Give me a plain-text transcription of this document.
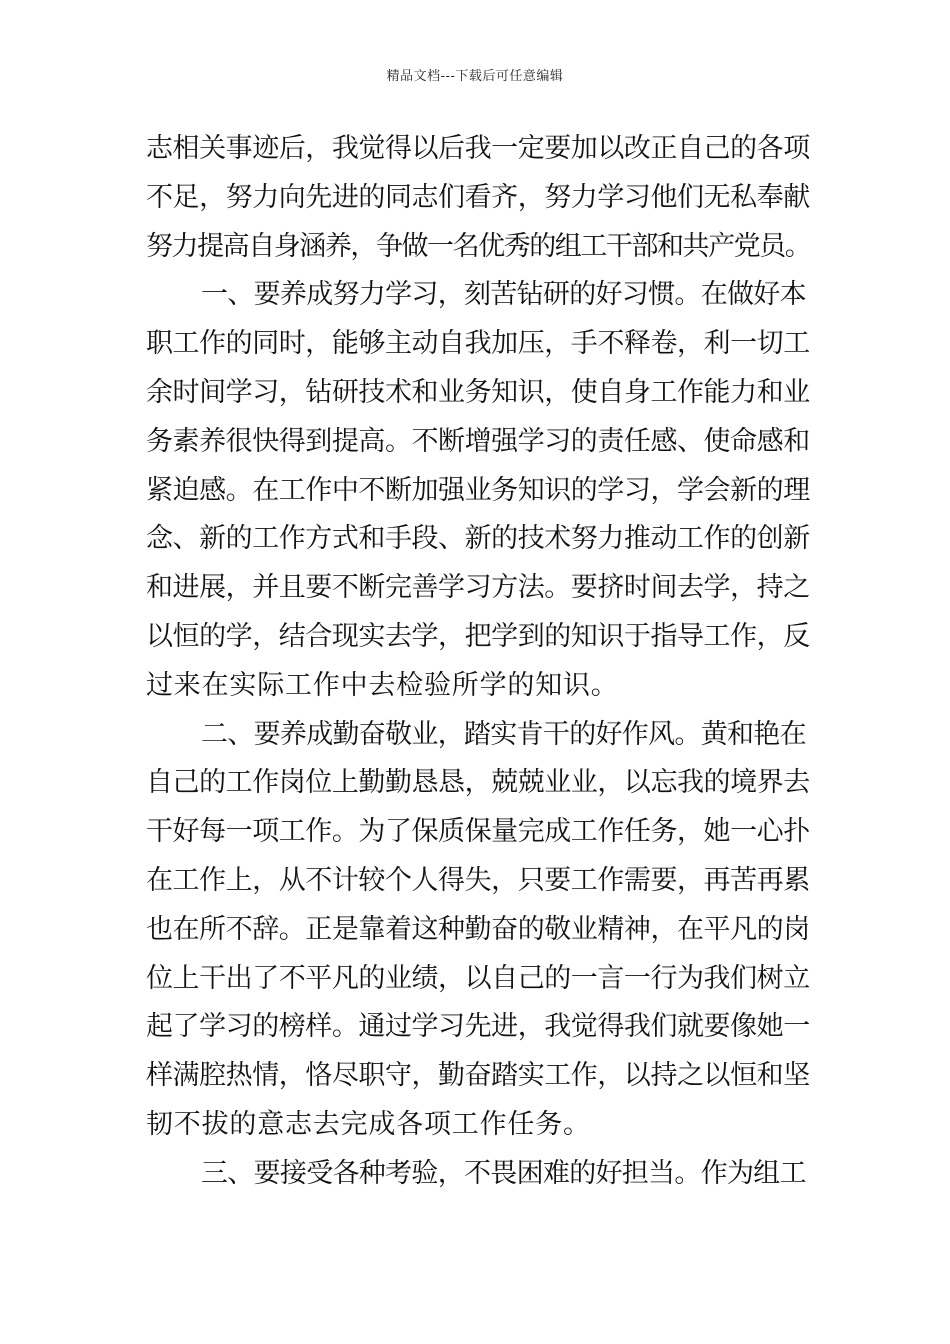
精品文档---下载后可任意编辑
志相关事迹后，我觉得以后我一定要加以改正自己的各项
不足，努力向先进的同志们看齐，努力学习他们无私奉献
努力提高自身涵养，争做一名优秀的组工干部和共产党员。
一、要养成努力学习，刻苦钻研的好习惯。在做好本
职工作的同时，能够主动自我加压，手不释卷，利一切工
余时间学习，钻研技术和业务知识，使自身工作能力和业
务素养很快得到提高。不断增强学习的责任感、使命感和
紧迫感。在工作中不断加强业务知识的学习，学会新的理
念、新的工作方式和手段、新的技术努力推动工作的创新
和进展，并且要不断完善学习方法。要挤时间去学，持之
以恒的学，结合现实去学，把学到的知识于指导工作，反
过来在实际工作中去检验所学的知识。
二、要养成勤奋敬业，踏实肯干的好作风。黄和艳在
自己的工作岗位上勤勤恳恳，兢兢业业，以忘我的境界去
干好每一项工作。为了保质保量完成工作任务，她一心扑
在工作上，从不计较个人得失，只要工作需要，再苦再累
也在所不辞。正是靠着这种勤奋的敬业精神，在平凡的岗
位上干出了不平凡的业绩，以自己的一言一行为我们树立
起了学习的榜样。通过学习先进，我觉得我们就要像她一
样满腔热情，恪尽职守，勤奋踏实工作，以持之以恒和坚
韧不拔的意志去完成各项工作任务。
三、要接受各种考验，不畏困难的好担当。作为组工
